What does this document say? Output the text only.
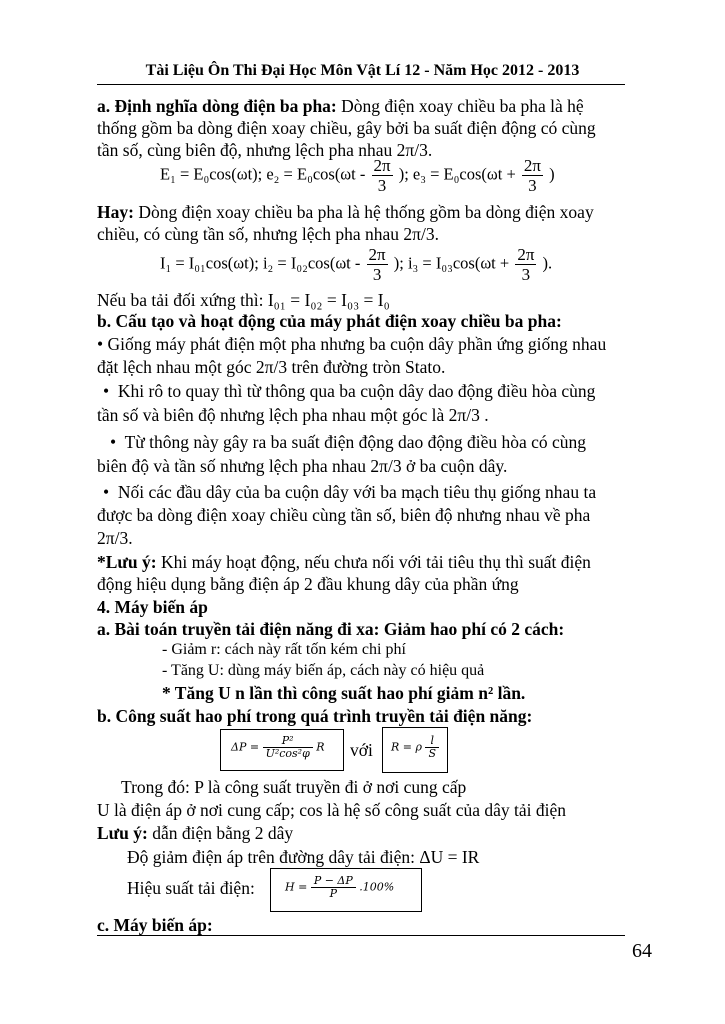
Tài Liệu Ôn Thi Đại Học Môn Vật Lí 12 - Năm Học 2012 - 2013
a. Định nghĩa dòng điện ba pha: Dòng điện xoay chiều ba pha là hệ
thống gồm ba dòng điện xoay chiều, gây bởi ba suất điện động có cùng
tần số, cùng biên độ, nhưng lệch pha nhau 2π/3.
E₁ = E₀cos(ωt); $e_2 = E_0\cos(\omega t - \frac{2\pi}{3}$ ); $e_3 = E_0\cos(\omega t + \frac{2\pi}{3}$ )
Hay: Dòng điện xoay chiều ba pha là hệ thống gồm ba dòng điện xoay
chiều, có cùng tần số, nhưng lệch pha nhau 2π/3.
I₁ = I₀₁cos(ωt); $i_2 = I_{02}\cos(\omega t - \frac{2\pi}{3}$ ); $i_3 = I_{03}\cos(\omega t + \frac{2\pi}{3}$ ).
Nếu ba tải đối xứng thì: I₀₁ = I₀₂ = I₀₃ = I₀
b. Cấu tạo và hoạt động của máy phát điện xoay chiều ba pha:
• Giống máy phát điện một pha nhưng ba cuộn dây phần ứng giống nhau
đặt lệch nhau một góc 2π/3 trên đường tròn Stato.
• Khi rô to quay thì từ thông qua ba cuộn dây dao động điều hòa cùng
tần số và biên độ nhưng lệch pha nhau một góc là 2π/3 .
• Từ thông này gây ra ba suất điện động dao động điều hòa có cùng
biên độ và tần số nhưng lệch pha nhau 2π/3 ở ba cuộn dây.
• Nối các đầu dây của ba cuộn dây với ba mạch tiêu thụ giống nhau ta
được ba dòng điện xoay chiều cùng tần số, biên độ nhưng nhau về pha
2π/3.
*Lưu ý: Khi máy hoạt động, nếu chưa nối với tải tiêu thụ thì suất điện
động hiệu dụng bằng điện áp 2 đầu khung dây của phần ứng
4. Máy biến áp
a. Bài toán truyền tải điện năng đi xa: Giảm hao phí có 2 cách:
- Giảm r: cách này rất tốn kém chi phí
- Tăng U: dùng máy biến áp, cách này có hiệu quả
* Tăng U n lần thì công suất hao phí giảm n² lần.
b. Công suất hao phí trong quá trình truyền tải điện năng:
$\Delta P = \frac{\text{P²}}{\text{U²cos²φ}}$ R với R = ρ $\frac{l}{S}$
Trong đó: P là công suất truyền đi ở nơi cung cấp
U là điện áp ở nơi cung cấp; cos là hệ số công suất của dây tải điện
Lưu ý: dẫn điện bằng 2 dây
Độ giảm điện áp trên đường dây tải điện: ΔU = IR
Hiệu suất tải điện:	$H = \frac{P - \Delta P}{P} .100\%$
c. Máy biến áp:
64
